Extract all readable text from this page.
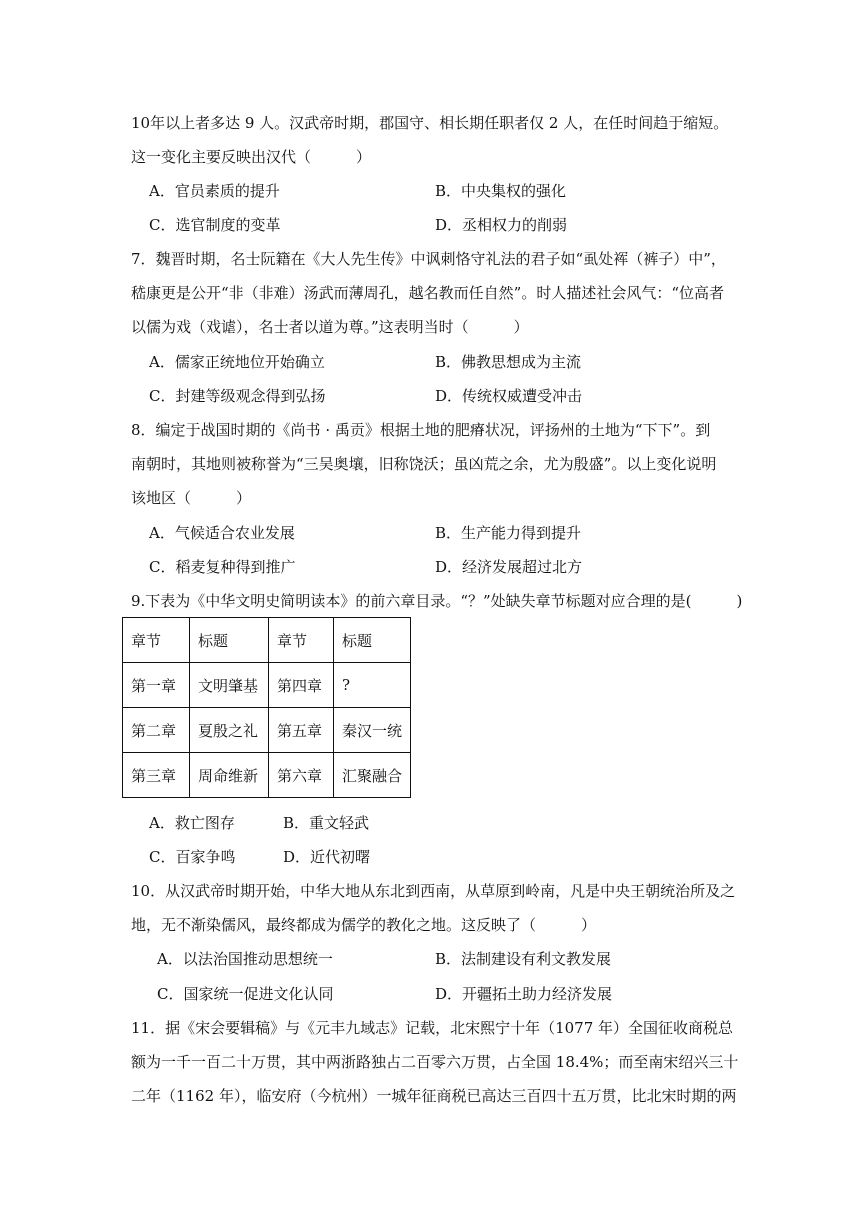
10年以上者多达 9 人。汉武帝时期，郡国守、相长期任职者仅 2 人，在任时间趋于缩短。
这一变化主要反映出汉代（　　　）
A．官员素质的提升	B．中央集权的强化
C．选官制度的变革	D．丞相权力的削弱
7．魏晋时期，名士阮籍在《大人先生传》中讽刺恪守礼法的君子如“虱处裈（裤子）中”，
嵇康更是公开“非（非难）汤武而薄周孔，越名教而任自然”。时人描述社会风气：“位高者
以儒为戏（戏谑），名士者以道为尊。”这表明当时（　　　）
A．儒家正统地位开始确立	B．佛教思想成为主流
C．封建等级观念得到弘扬	D．传统权威遭受冲击
8．编定于战国时期的《尚书 · 禹贡》根据土地的肥瘠状况，评扬州的土地为“下下”。到
南朝时，其地则被称誉为“三吴奥壤，旧称饶沃；虽凶荒之余，尤为殷盛”。以上变化说明
该地区（　　　）
A．气候适合农业发展	B．生产能力得到提升
C．稻麦复种得到推广	D．经济发展超过北方
9.下表为《中华文明史简明读本》的前六章目录。“？”处缺失章节标题对应合理的是(　　　)
章节	标题	章节	标题
第一章	文明肇基	第四章	?
第二章	夏殷之礼	第五章	秦汉一统
第三章	周命维新	第六章	汇聚融合
A．救亡图存	B．重文轻武
C．百家争鸣	D．近代初曙
10．从汉武帝时期开始，中华大地从东北到西南，从草原到岭南，凡是中央王朝统治所及之
地，无不渐染儒风，最终都成为儒学的教化之地。这反映了（　　　）
A．以法治国推动思想统一	B．法制建设有利文教发展
C．国家统一促进文化认同	D．开疆拓土助力经济发展
11．据《宋会要辑稿》与《元丰九域志》记载，北宋熙宁十年（1077 年）全国征收商税总
额为一千一百二十万贯，其中两浙路独占二百零六万贯，占全国 18.4%；而至南宋绍兴三十
二年（1162 年），临安府（今杭州）一城年征商税已高达三百四十五万贯，比北宋时期的两
